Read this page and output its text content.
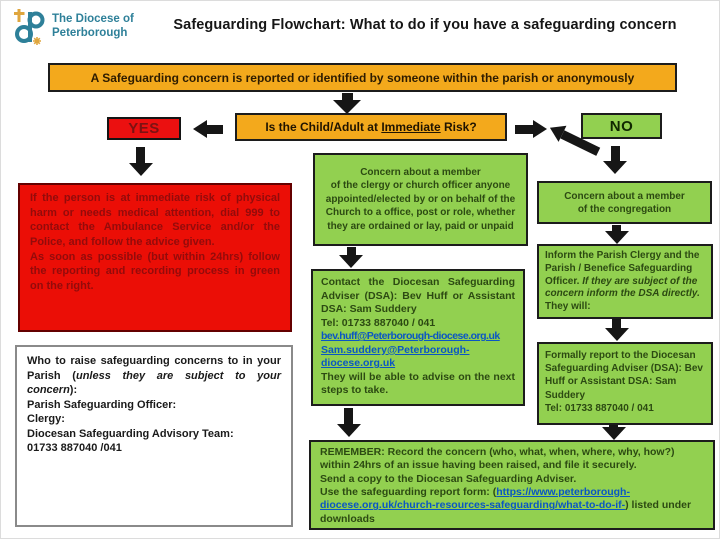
The Diocese of
Peterborough	Safeguarding Flowchart: What to do if you have a safeguarding concern
A Safeguarding concern is reported or identified by someone within the parish or anonymously
YES	Is the Child/Adult at Immediate Risk?	NO

If the person is at immediate risk of physical harm or needs medical attention, dial 999 to contact the Ambulance Service and/or the Police, and follow the advice given.

As soon as possible (but within 24hrs) follow the reporting and recording process in green on the right.

Who to raise safeguarding concerns to in your Parish (unless they are subject to your concern):

Parish Safeguarding Officer:

Clergy:

Diocesan Safeguarding Advisory Team:

01733 887040 /041

Concern about a member
of the clergy or church officer anyone appointed/elected by or on behalf of the Church to a office, post or role, whether they are ordained or lay, paid or unpaid

Contact the Diocesan Safeguarding Adviser (DSA): Bev Huff or Assistant DSA: Sam Suddery

Tel: 01733 887040 / 041

bev.huff@Peterborough-diocese.org.uk

Sam.suddery@Peterborough-diocese.org.uk

They will be able to advise on the next steps to take.

Concern about a member
of the congregation

Inform the Parish Clergy and the Parish / Benefice Safeguarding Officer. If they are subject of the concern inform the DSA directly. They will:

Formally report to the Diocesan Safeguarding Adviser (DSA): Bev Huff or Assistant DSA: Sam Suddery

Tel: 01733 887040 / 041

REMEMBER: Record the concern (who, what, when, where, why, how?)

within 24hrs of an issue having been raised, and file it securely.

Send a copy to the Diocesan Safeguarding Adviser.

Use the safeguarding report form: (https://www.peterborough-diocese.org.uk/church-resources-safeguarding/what-to-do-if-) listed under downloads
